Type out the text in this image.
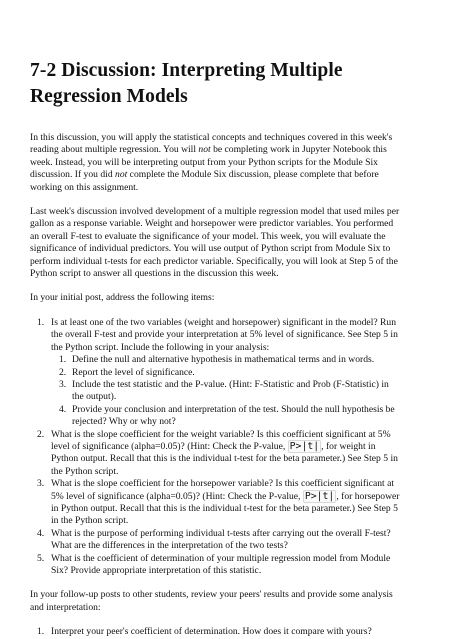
7-2 Discussion: Interpreting Multiple Regression Models

In this discussion, you will apply the statistical concepts and techniques covered in this week's reading about multiple regression. You will not be completing work in Jupyter Notebook this week. Instead, you will be interpreting output from your Python scripts for the Module Six discussion. If you did not complete the Module Six discussion, please complete that before working on this assignment.

Last week's discussion involved development of a multiple regression model that used miles per gallon as a response variable. Weight and horsepower were predictor variables. You performed an overall F-test to evaluate the significance of your model. This week, you will evaluate the significance of individual predictors. You will use output of Python script from Module Six to perform individual t-tests for each predictor variable. Specifically, you will look at Step 5 of the Python script to answer all questions in the discussion this week.

In your initial post, address the following items:

1. Is at least one of the two variables (weight and horsepower) significant in the model? Run the overall F-test and provide your interpretation at 5% level of significance. See Step 5 in the Python script. Include the following in your analysis:
1. Define the null and alternative hypothesis in mathematical terms and in words.
2. Report the level of significance.
3. Include the test statistic and the P-value. (Hint: F-Statistic and Prob (F-Statistic) in the output).
4. Provide your conclusion and interpretation of the test. Should the null hypothesis be rejected? Why or why not?
2. What is the slope coefficient for the weight variable? Is this coefficient significant at 5% level of significance (alpha=0.05)? (Hint: Check the P-value, P>|t| , for weight in Python output. Recall that this is the individual t-test for the beta parameter.) See Step 5 in the Python script.
3. What is the slope coefficient for the horsepower variable? Is this coefficient significant at 5% level of significance (alpha=0.05)? (Hint: Check the P-value, P>|t| , for horsepower in Python output. Recall that this is the individual t-test for the beta parameter.) See Step 5 in the Python script.
4. What is the purpose of performing individual t-tests after carrying out the overall F-test? What are the differences in the interpretation of the two tests?
5. What is the coefficient of determination of your multiple regression model from Module Six? Provide appropriate interpretation of this statistic.

In your follow-up posts to other students, review your peers' results and provide some analysis and interpretation:

1. Interpret your peer's coefficient of determination. How does it compare with yours?
